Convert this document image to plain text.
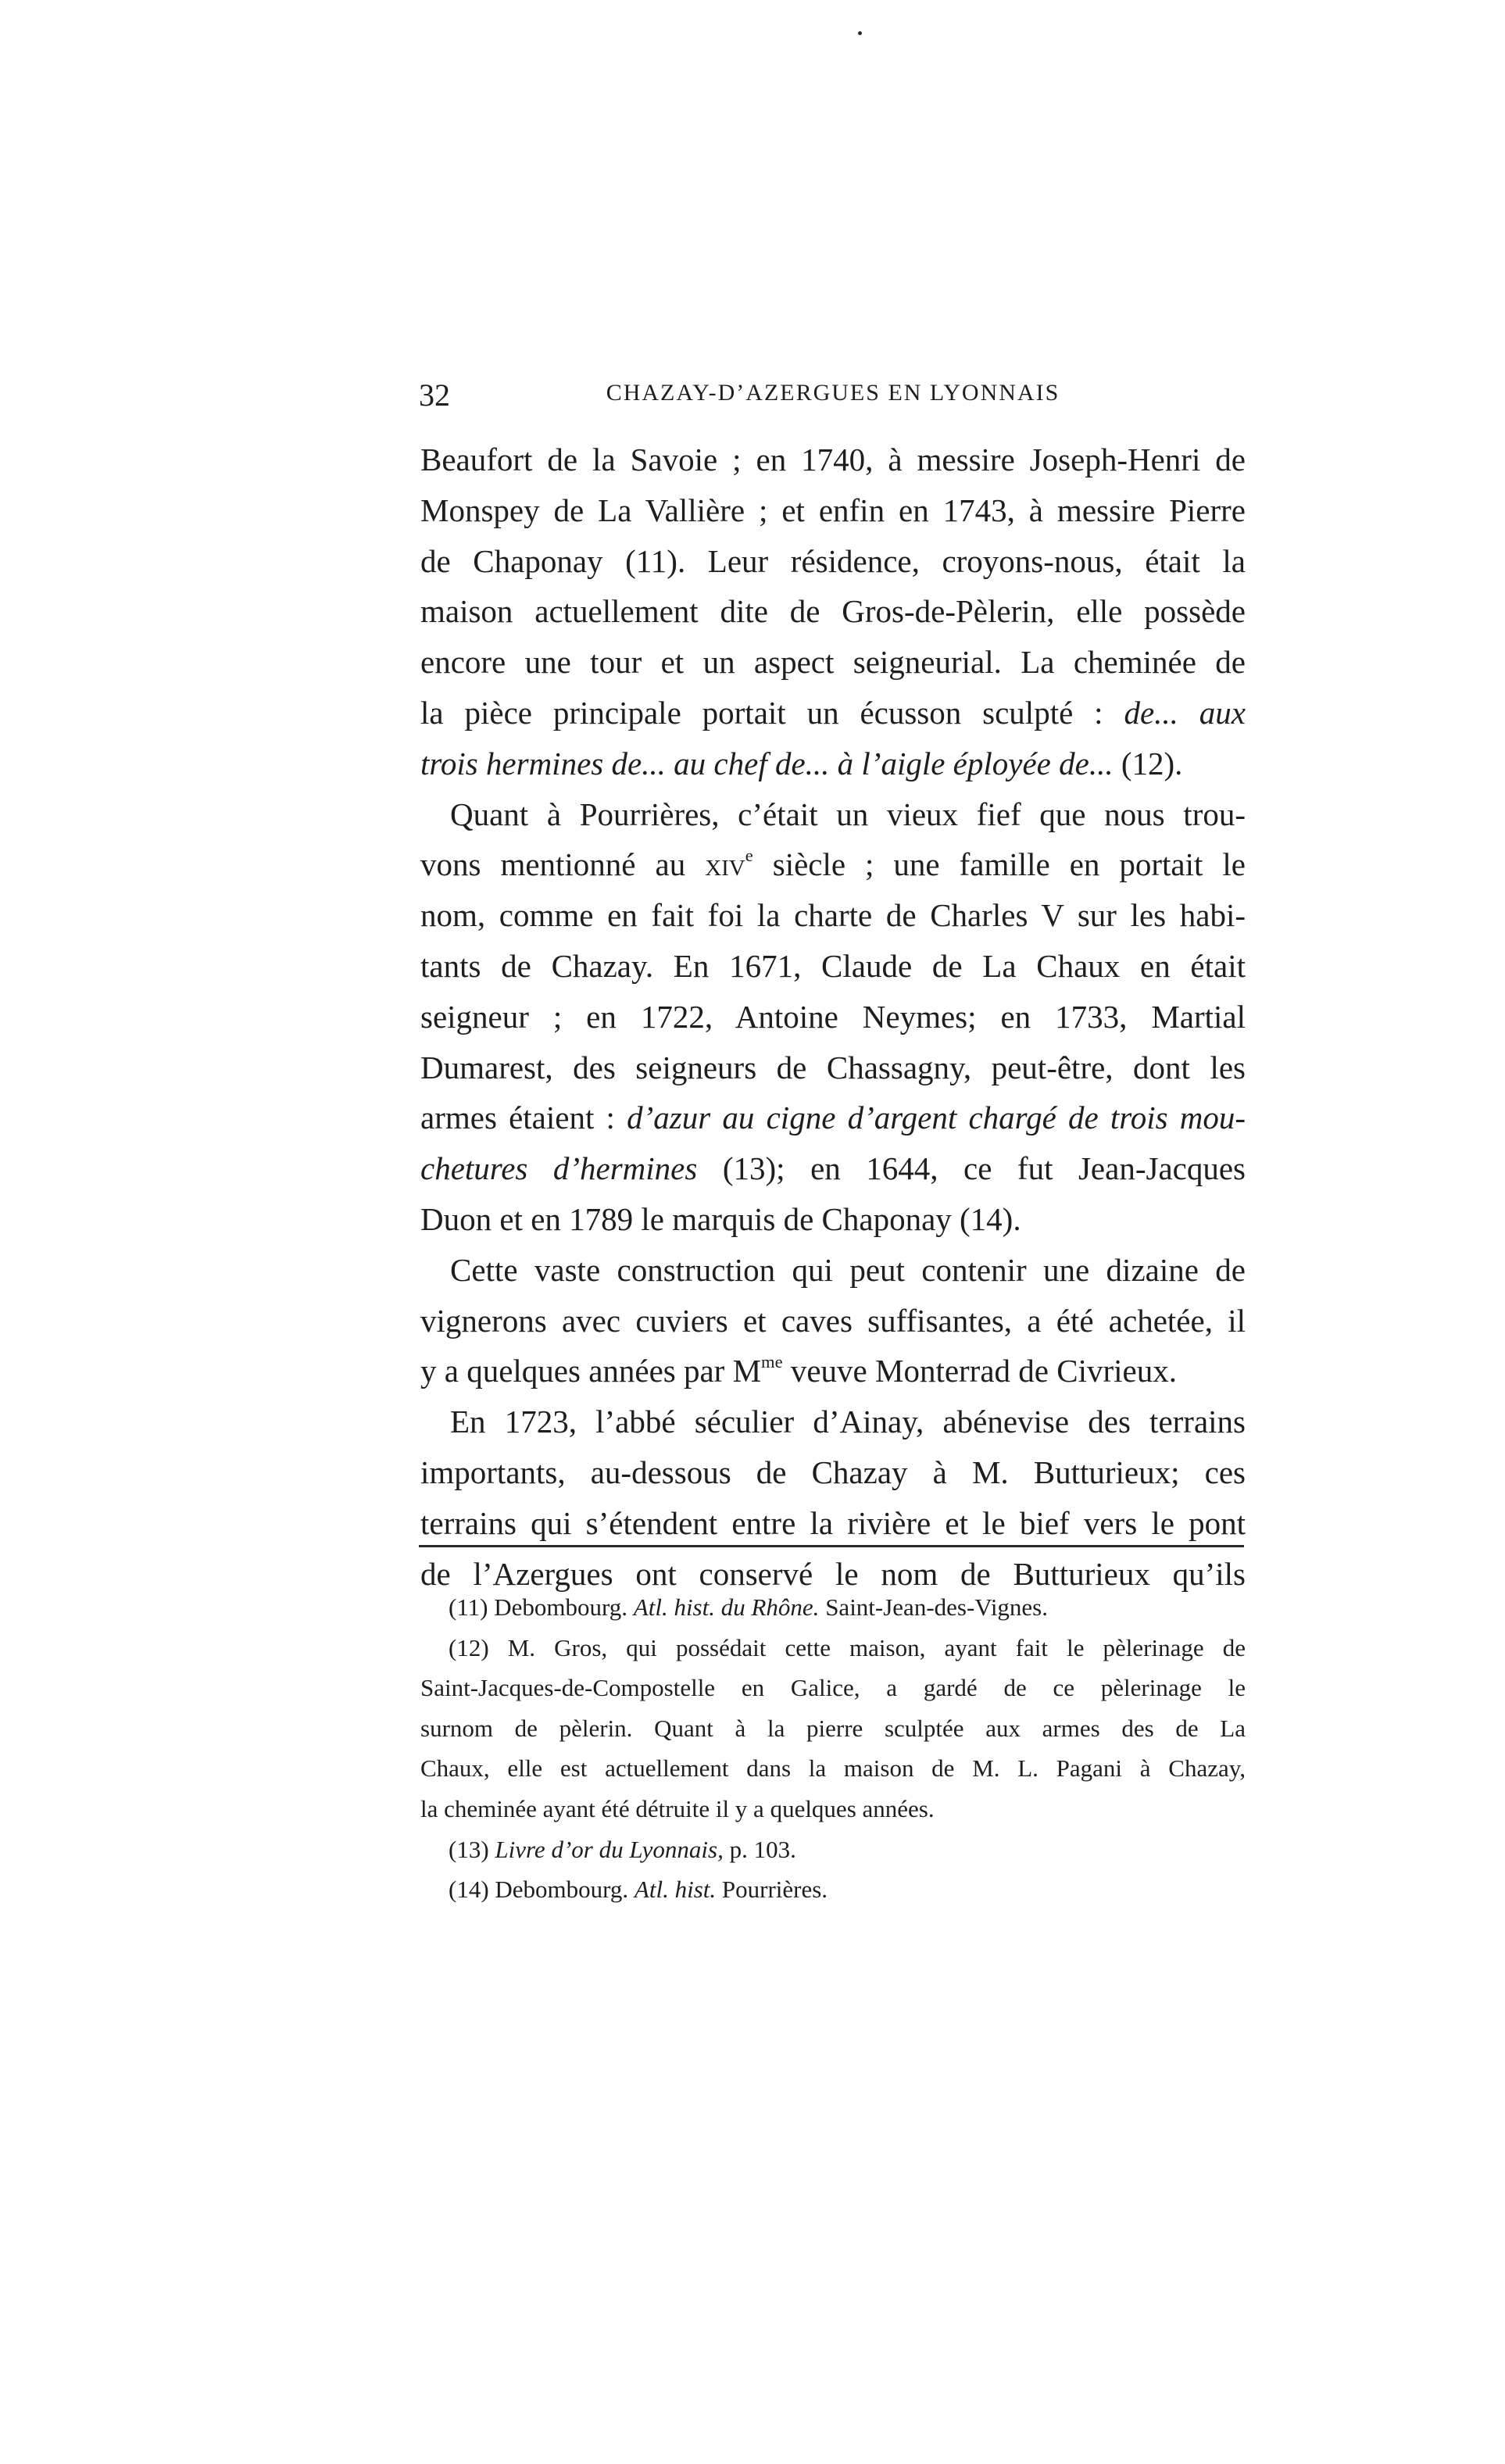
32	CHAZAY-D’AZERGUES EN LYONNAIS
Beaufort de la Savoie ; en 1740, à messire Joseph-Henri de
Monspey de La Vallière ; et enfin en 1743, à messire Pierre
de Chaponay (11). Leur résidence, croyons-nous, était la
maison actuellement dite de Gros-de-Pèlerin, elle possède
encore une tour et un aspect seigneurial. La cheminée de
la pièce principale portait un écusson sculpté : de... aux
trois hermines de... au chef de... à l’aigle éployée de... (12).
Quant à Pourrières, c’était un vieux fief que nous trou-
vons mentionné au xiv$^e$ siècle ; une famille en portait le
nom, comme en fait foi la charte de Charles V sur les habi-
tants de Chazay. En 1671, Claude de La Chaux en était
seigneur ; en 1722, Antoine Neymes; en 1733, Martial
Dumarest, des seigneurs de Chassagny, peut-être, dont les
armes étaient : d’azur au cigne d’argent chargé de trois mou-
chetures d’hermines (13); en 1644, ce fut Jean-Jacques
Duon et en 1789 le marquis de Chaponay (14).
Cette vaste construction qui peut contenir une dizaine de
vignerons avec cuviers et caves suffisantes, a été achetée, il
y a quelques années par $M^{me}$ veuve Monterrad de Civrieux.
En 1723, l’abbé séculier d’Ainay, abénevise des terrains
importants, au-dessous de Chazay à M. Butturieux; ces
terrains qui s’étendent entre la rivière et le bief vers le pont
de l’Azergues ont conservé le nom de Butturieux qu’ils
(11) Debombourg. Atl. hist. du Rhône. Saint-Jean-des-Vignes.
(12) M. Gros, qui possédait cette maison, ayant fait le pèlerinage de
Saint-Jacques-de-Compostelle en Galice, a gardé de ce pèlerinage le
surnom de pèlerin. Quant à la pierre sculptée aux armes des de La
Chaux, elle est actuellement dans la maison de M. L. Pagani à Chazay,
la cheminée ayant été détruite il y a quelques années.
(13) Livre d’or du Lyonnais, p. 103.
(14) Debombourg. Atl. hist. Pourrières.
